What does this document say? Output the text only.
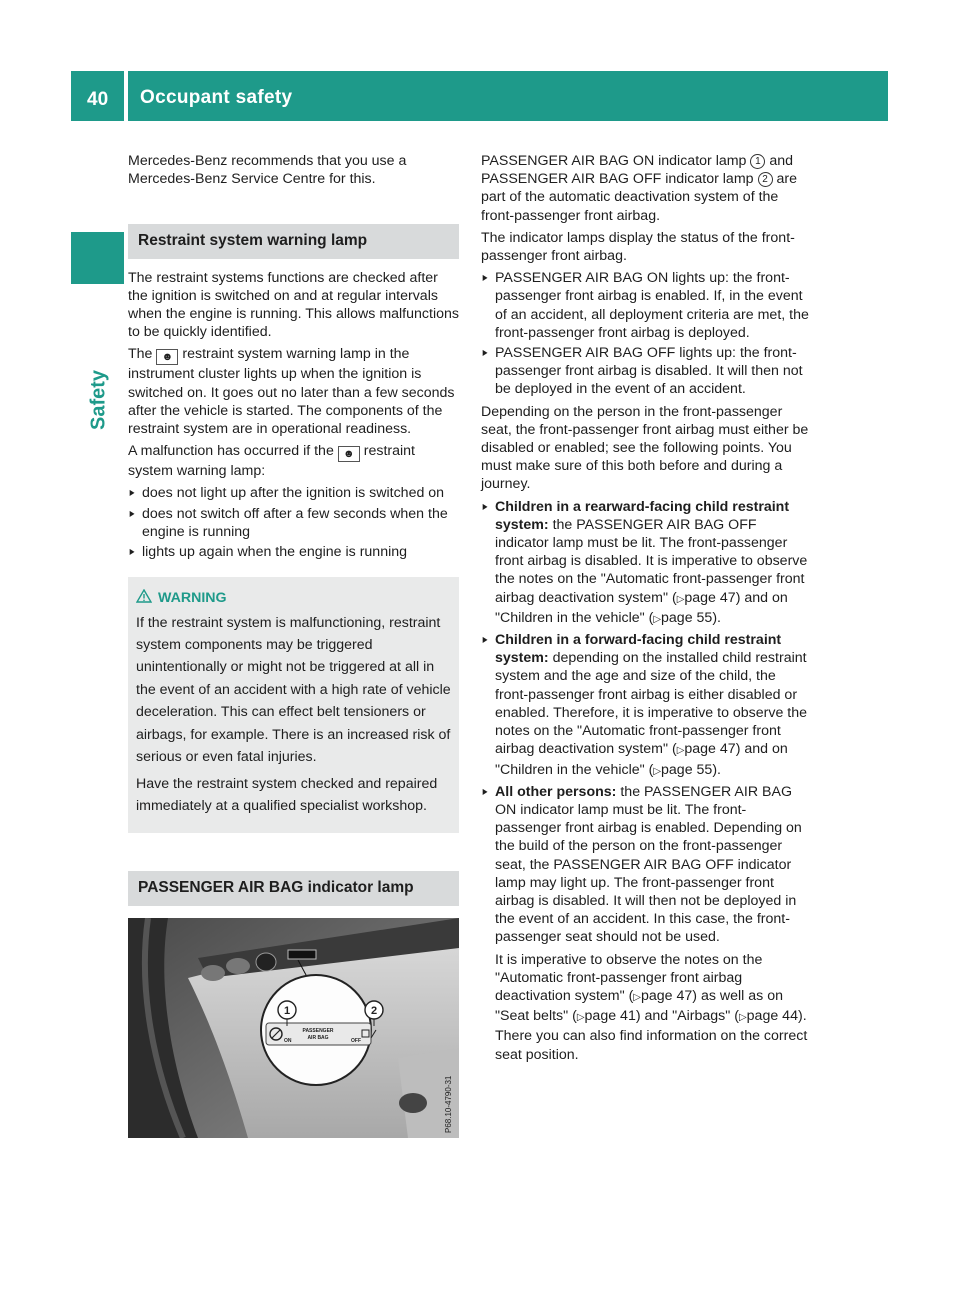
40 Occupant safety
Safety

Mercedes-Benz recommends that you use a Mercedes-Benz Service Centre for this.

Restraint system warning lamp

The restraint systems functions are checked after the ignition is switched on and at regular intervals when the engine is running. This allows malfunctions to be quickly identified.

The ☻ restraint system warning lamp in the instrument cluster lights up when the ignition is switched on. It goes out no later than a few seconds after the vehicle is started. The components of the restraint system are in operational readiness.

A malfunction has occurred if the ☻ restraint system warning lamp:

▶ does not light up after the ignition is switched on
▶ does not switch off after a few seconds when the engine is running
▶ lights up again when the engine is running
WARNING

If the restraint system is malfunctioning, restraint system components may be triggered unintentionally or might not be triggered at all in the event of an accident with a high rate of vehicle deceleration. This can effect belt tensioners or airbags, for example. There is an increased risk of serious or even fatal injuries.

Have the restraint system checked and repaired immediately at a qualified specialist workshop.

PASSENGER AIR BAG indicator lamp
1	2
ON
PASSENGER
AIR BAG	OFF
P68.10-4790-31

PASSENGER AIR BAG ON indicator lamp 1 and PASSENGER AIR BAG OFF indicator lamp 2 are part of the automatic deactivation system of the front-passenger front airbag.

The indicator lamps display the status of the front-passenger front airbag.

▶ PASSENGER AIR BAG ON lights up: the front-passenger front airbag is enabled. If, in the event of an accident, all deployment criteria are met, the front-passenger front airbag is deployed.
▶ PASSENGER AIR BAG OFF lights up: the front-passenger front airbag is disabled. It will then not be deployed in the event of an accident.

Depending on the person in the front-passenger seat, the front-passenger front airbag must either be disabled or enabled; see the following points. You must make sure of this both before and during a journey.

▶ Children in a rearward-facing child restraint system: the PASSENGER AIR BAG OFF indicator lamp must be lit. The front-passenger front airbag is disabled. It is imperative to observe the notes on the "Automatic front-passenger front airbag deactivation system" (▷page 47) and on "Children in the vehicle" (▷page 55).
▶ Children in a forward-facing child restraint system: depending on the installed child restraint system and the age and size of the child, the front-passenger front airbag is either disabled or enabled. Therefore, it is imperative to observe the notes on the "Automatic front-passenger front airbag deactivation system" (▷page 47) and on "Children in the vehicle" (▷page 55).
▶ All other persons: the PASSENGER AIR BAG ON indicator lamp must be lit. The front-passenger front airbag is enabled. Depending on the build of the person on the front-passenger seat, the PASSENGER AIR BAG OFF indicator lamp may light up. The front-passenger front airbag is disabled. It will then not be deployed in the event of an accident. In this case, the front-passenger seat should not be used.

It is imperative to observe the notes on the "Automatic front-passenger front airbag deactivation system" (▷page 47) as well as on "Seat belts" (▷page 41) and "Airbags" (▷page 44). There you can also find information on the correct seat position.
